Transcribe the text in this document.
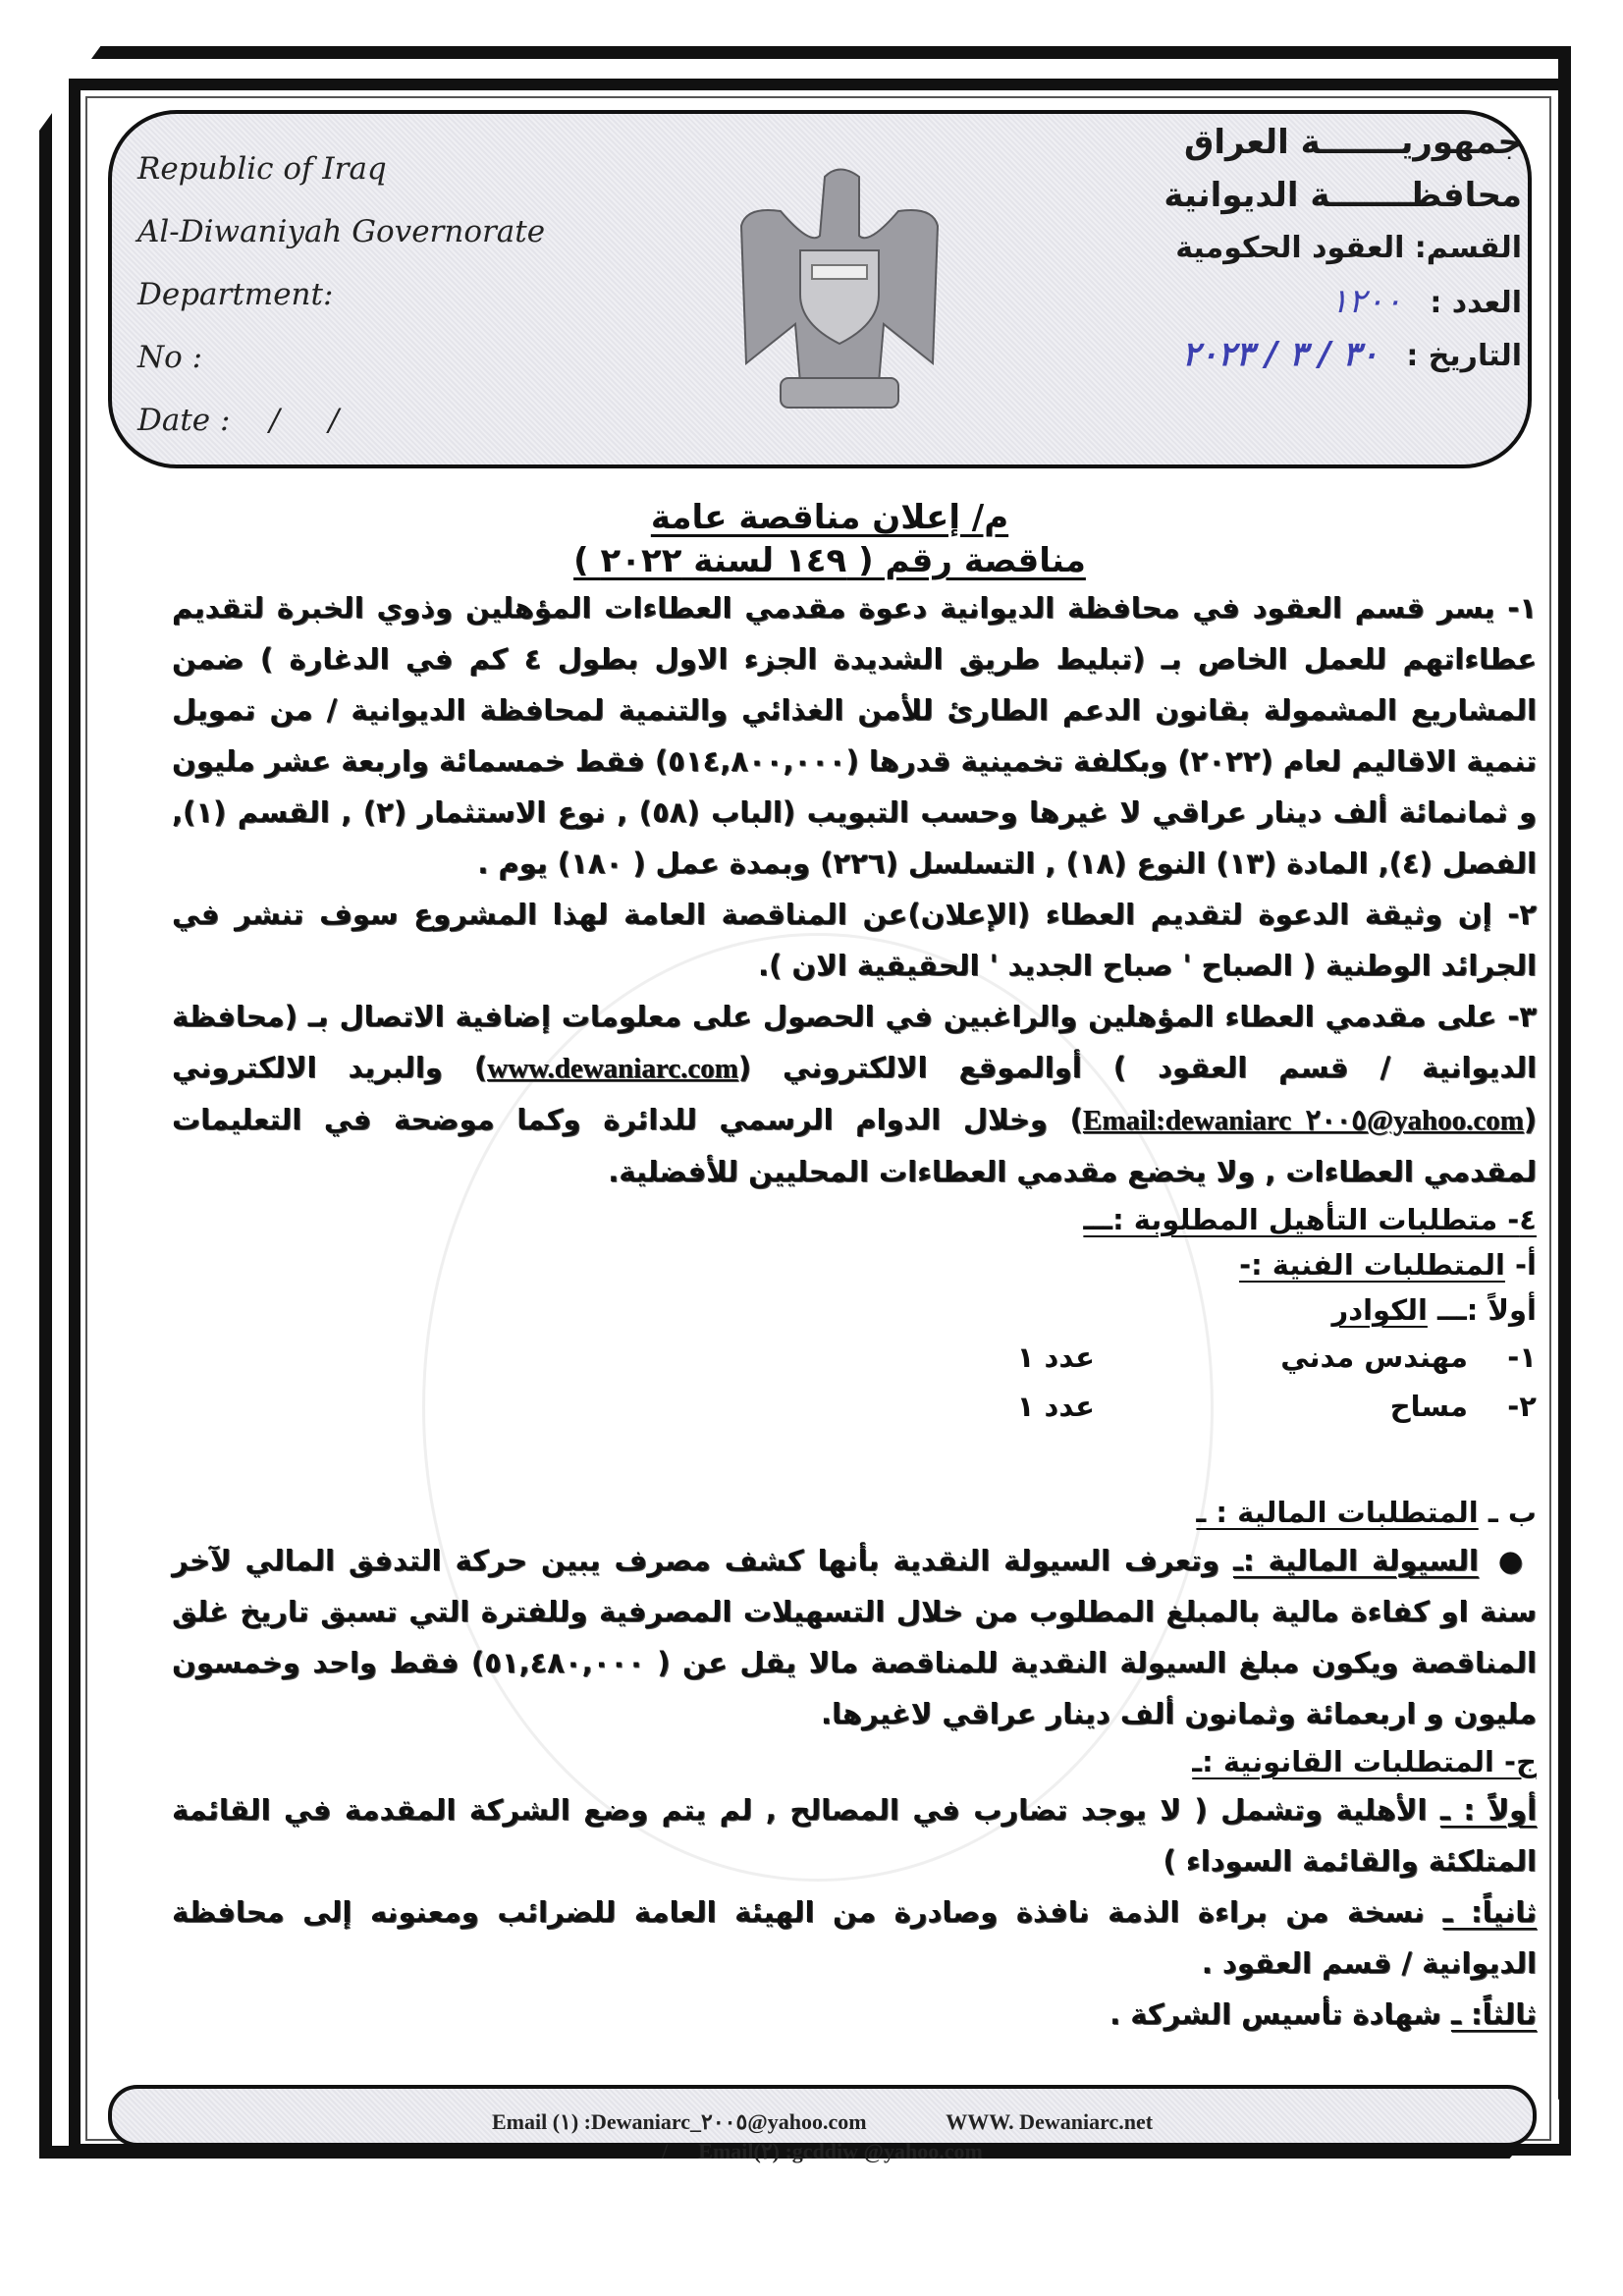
Republic of Iraq
Al-Diwaniyah Governorate
Department:
No :
Date : / /
جمهوريـــــــة العراق
محافظـــــــة الديوانية
القسم: العقود الحكومية
العدد : ١٢٠٠
التاريخ : ٣٠ / ٣ / ٢٠٢٣
م/ إعلان مناقصة عامة
مناقصة رقم ( ١٤٩ لسنة ٢٠٢٢ )
١- يسر قسم العقود في محافظة الديوانية دعوة مقدمي العطاءات المؤهلين وذوي الخبرة لتقديم عطاءاتهم للعمل الخاص بـ (تبليط طريق الشديدة الجزء الاول بطول ٤ كم في الدغارة ) ضمن المشاريع المشمولة بقانون الدعم الطارئ للأمن الغذائي والتنمية لمحافظة الديوانية / من تمويل تنمية الاقاليم لعام (٢٠٢٢) وبكلفة تخمينية قدرها (٥١٤,٨٠٠,٠٠٠) فقط خمسمائة واربعة عشر مليون و ثمانمائة ألف دينار عراقي لا غيرها وحسب التبويب (الباب (٥٨) , نوع الاستثمار (٢) , القسم (١), الفصل (٤), المادة (١٣) النوع (١٨) , التسلسل (٢٢٦) وبمدة عمل ( ١٨٠) يوم .
٢- إن وثيقة الدعوة لتقديم العطاء (الإعلان)عن المناقصة العامة لهذا المشروع سوف تنشر في الجرائد الوطنية ( الصباح ' صباح الجديد ' الحقيقية الان ).
٣- على مقدمي العطاء المؤهلين والراغبين في الحصول على معلومات إضافية الاتصال بـ (محافظة الديوانية / قسم العقود ) أوالموقع الالكتروني (www.dewaniarc.com) والبريد الالكتروني (Email:dewaniarc_٢٠٠٥@yahoo.com) وخلال الدوام الرسمي للدائرة وكما موضحة في التعليمات لمقدمي العطاءات , ولا يخضع مقدمي العطاءات المحليين للأفضلية.
٤- متطلبات التأهيل المطلوبة :ـــ
أ- المتطلبات الفنية :-
أولاً :ـــ الكوادر
١-
مهندس مدني
عدد ١
٢-
مساح
عدد ١
ب ـ المتطلبات المالية : ـ
●السيولة المالية :ـ وتعرف السيولة النقدية بأنها كشف مصرف يبين حركة التدفق المالي لآخر سنة او كفاءة مالية بالمبلغ المطلوب من خلال التسهيلات المصرفية وللفترة التي تسبق تاريخ غلق المناقصة ويكون مبلغ السيولة النقدية للمناقصة مالا يقل عن ( ٥١,٤٨٠,٠٠٠) فقط واحد وخمسون مليون و اربعمائة وثمانون ألف دينار عراقي لاغيرها.
ج- المتطلبات القانونية :ـ
أولاً : ـ الأهلية وتشمل ( لا يوجد تضارب في المصالح , لم يتم وضع الشركة المقدمة في القائمة المتلكئة والقائمة السوداء )
ثانياً: ـ نسخة من براءة الذمة نافذة وصادرة من الهيئة العامة للضرائب ومعنونه إلى محافظة الديوانية / قسم العقود .
ثالثاً: ـ شهادة تأسيس الشركة .
Email (١) :Dewaniarc_٢٠٠٥@yahoo.com	WWW. Dewaniarc.net
/ Email(٢) :gcddiw @yahoo.com
